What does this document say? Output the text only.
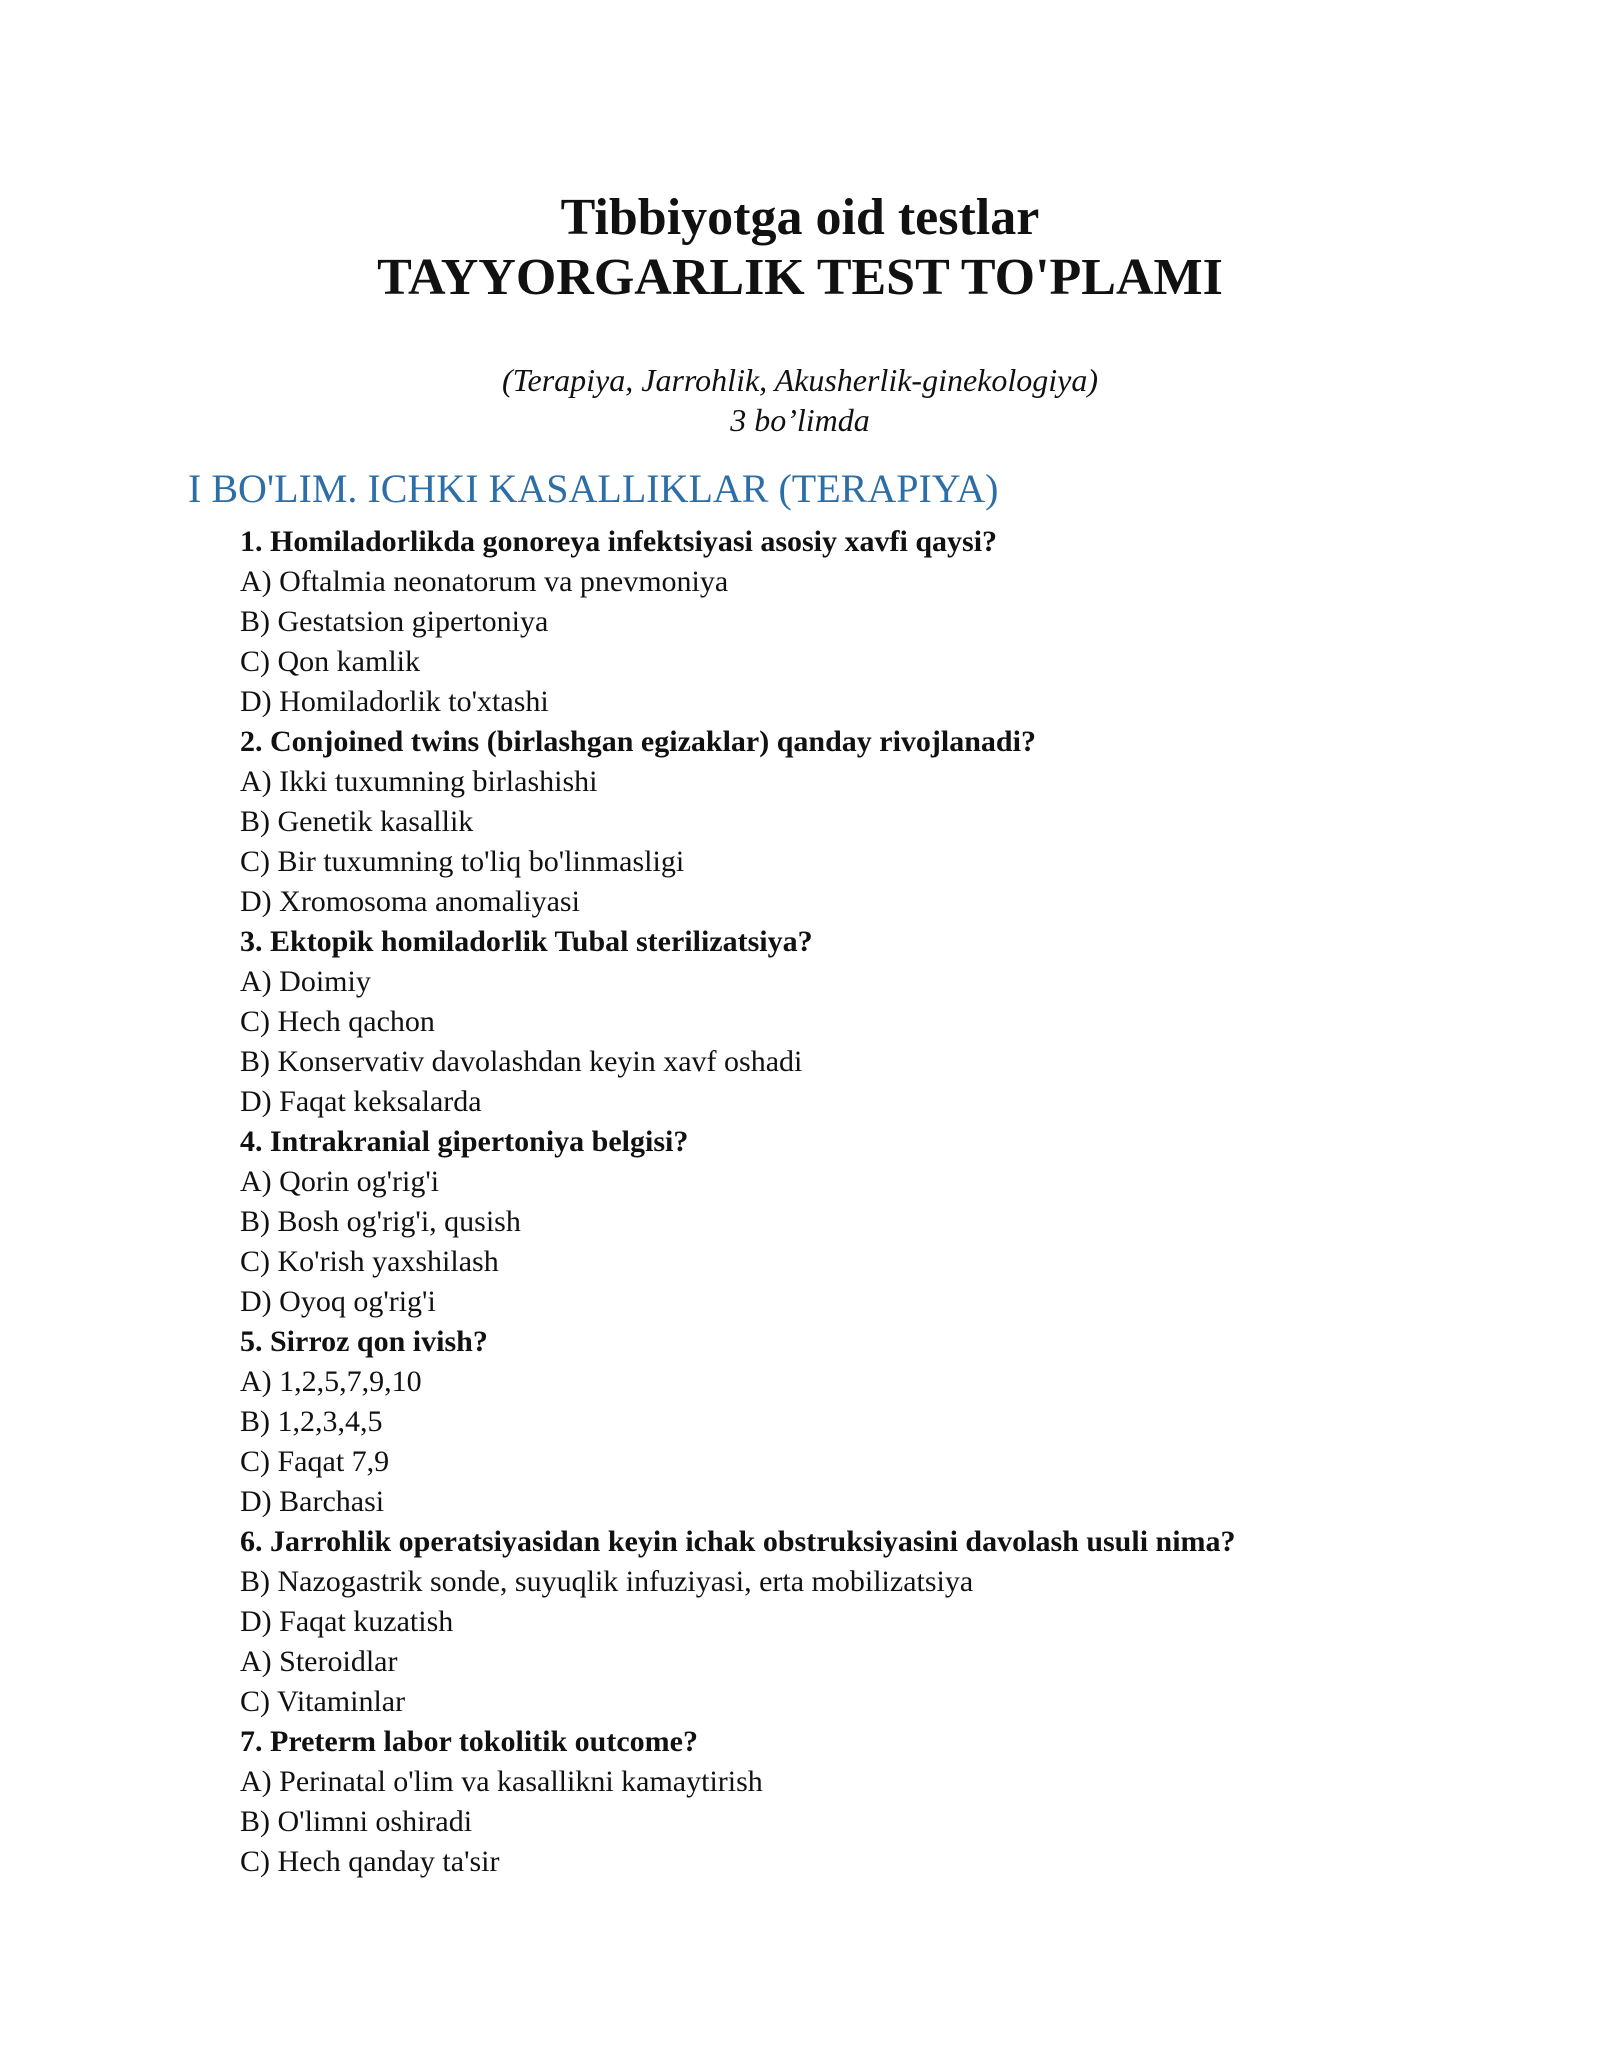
Tibbiyotga oid testlar
TAYYORGARLIK TEST TO'PLAMI
(Terapiya, Jarrohlik, Akusherlik-ginekologiya)
3 bo’limda
I BO'LIM. ICHKI KASALLIKLAR (TERAPIYA)
1. Homiladorlikda gonoreya infektsiyasi asosiy xavfi qaysi?
A) Oftalmia neonatorum va pnevmoniya
B) Gestatsion gipertoniya
C) Qon kamlik
D) Homiladorlik to'xtashi
2. Conjoined twins (birlashgan egizaklar) qanday rivojlanadi?
A) Ikki tuxumning birlashishi
B) Genetik kasallik
C) Bir tuxumning to'liq bo'linmasligi
D) Xromosoma anomaliyasi
3. Ektopik homiladorlik Tubal sterilizatsiya?
A) Doimiy
C) Hech qachon
B) Konservativ davolashdan keyin xavf oshadi
D) Faqat keksalarda
4. Intrakranial gipertoniya belgisi?
A) Qorin og'rig'i
B) Bosh og'rig'i, qusish
C) Ko'rish yaxshilash
D) Oyoq og'rig'i
5. Sirroz qon ivish?
A) 1,2,5,7,9,10
B) 1,2,3,4,5
C) Faqat 7,9
D) Barchasi
6. Jarrohlik operatsiyasidan keyin ichak obstruksiyasini davolash usuli nima?
B) Nazogastrik sonde, suyuqlik infuziyasi, erta mobilizatsiya
D) Faqat kuzatish
A) Steroidlar
C) Vitaminlar
7. Preterm labor tokolitik outcome?
A) Perinatal o'lim va kasallikni kamaytirish
B) O'limni oshiradi
C) Hech qanday ta'sir
